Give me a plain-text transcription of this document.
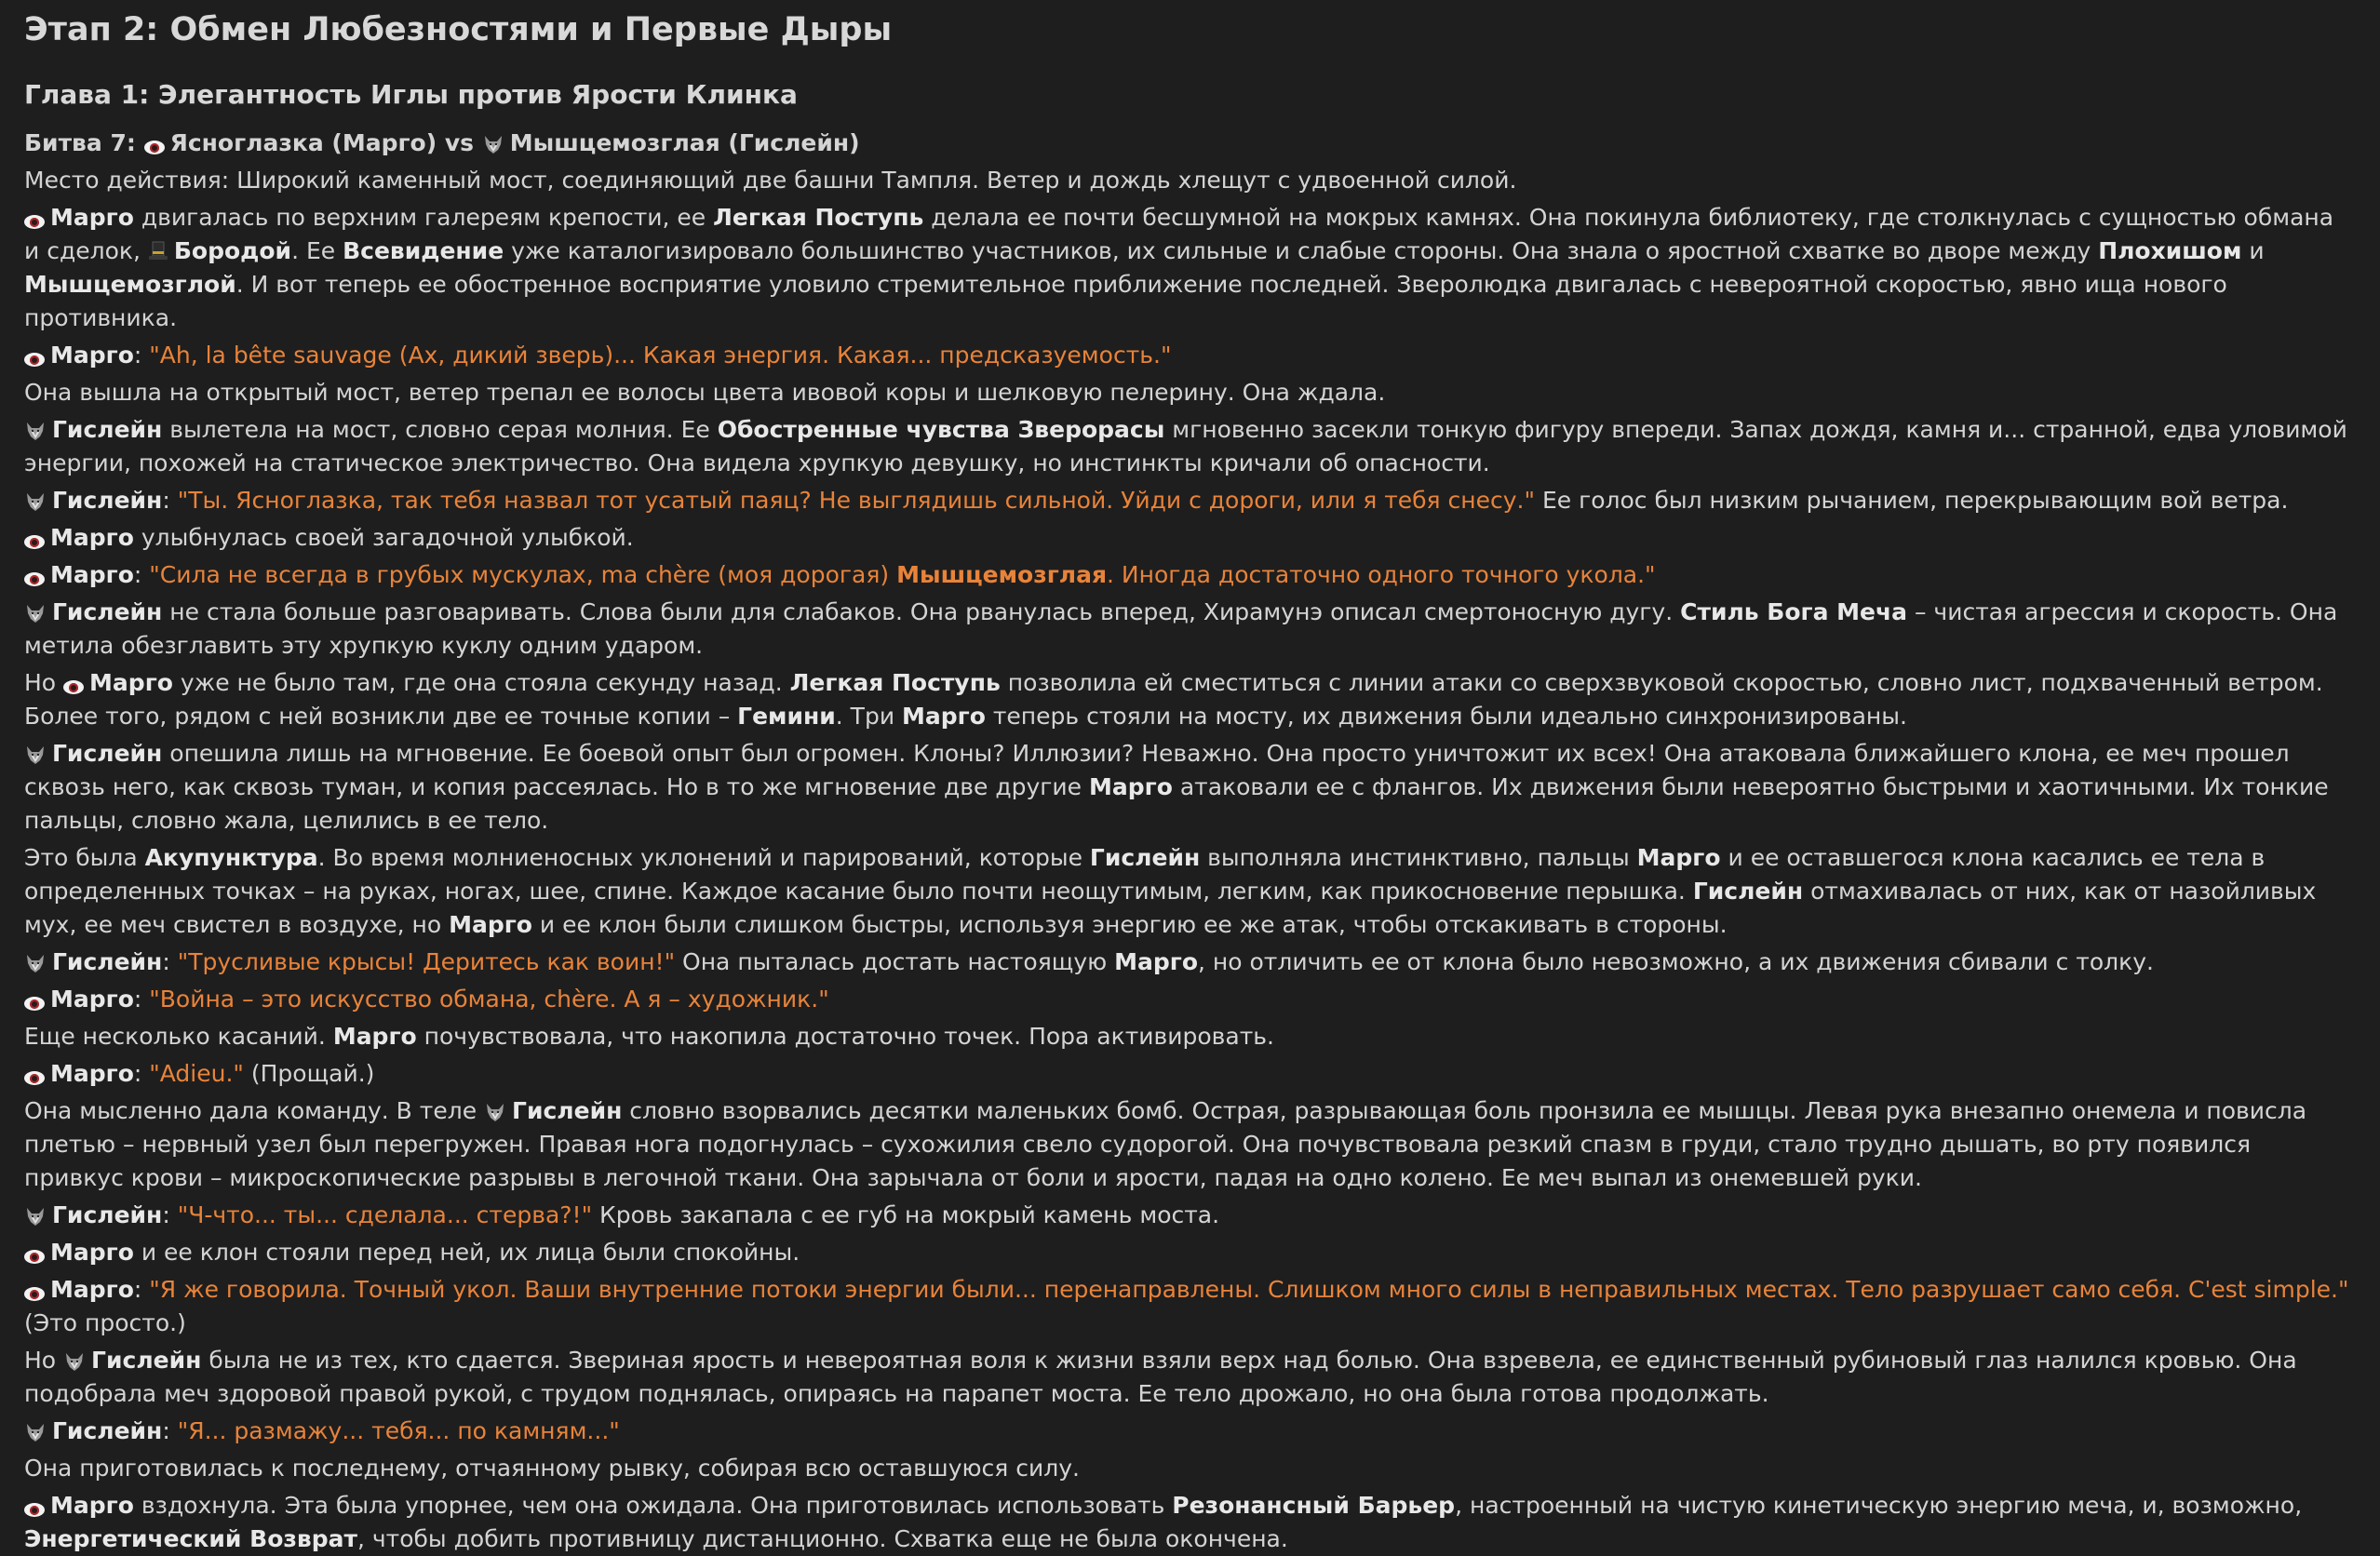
Этап 2: Обмен Любезностями и Первые Дыры
Глава 1: Элегантность Иглы против Ярости Клинка
Битва 7: Ясноглазка (Марго) vs Мышцемозглая (Гислейн)
Место действия: Широкий каменный мост, соединяющий две башни Тампля. Ветер и дождь хлещут с удвоенной силой.
Марго двигалась по верхним галереям крепости, ее Легкая Поступь делала ее почти бесшумной на мокрых камнях. Она покинула библиотеку, где столкнулась с сущностью обмана и сделок, Бородой. Ее Всевидение уже каталогизировало большинство участников, их сильные и слабые стороны. Она знала о яростной схватке во дворе между Плохишом и Мышцемозглой. И вот теперь ее обостренное восприятие уловило стремительное приближение последней. Зверолюдка двигалась с невероятной скоростью, явно ища нового противника.
Марго: "Ah, la bête sauvage (Ах, дикий зверь)... Какая энергия. Какая... предсказуемость."
Она вышла на открытый мост, ветер трепал ее волосы цвета ивовой коры и шелковую пелерину. Она ждала.
Гислейн вылетела на мост, словно серая молния. Ее Обостренные чувства Зверорасы мгновенно засекли тонкую фигуру впереди. Запах дождя, камня и... странной, едва уловимой энергии, похожей на статическое электричество. Она видела хрупкую девушку, но инстинкты кричали об опасности.
Гислейн: "Ты. Ясноглазка, так тебя назвал тот усатый паяц? Не выглядишь сильной. Уйди с дороги, или я тебя снесу." Ее голос был низким рычанием, перекрывающим вой ветра.
Марго улыбнулась своей загадочной улыбкой.
Марго: "Сила не всегда в грубых мускулах, ma chère (моя дорогая) Мышцемозглая. Иногда достаточно одного точного укола."
Гислейн не стала больше разговаривать. Слова были для слабаков. Она рванулась вперед, Хирамунэ описал смертоносную дугу. Стиль Бога Меча – чистая агрессия и скорость. Она метила обезглавить эту хрупкую куклу одним ударом.
Но Марго уже не было там, где она стояла секунду назад. Легкая Поступь позволила ей сместиться с линии атаки со сверхзвуковой скоростью, словно лист, подхваченный ветром. Более того, рядом с ней возникли две ее точные копии – Гемини. Три Марго теперь стояли на мосту, их движения были идеально синхронизированы.
Гислейн опешила лишь на мгновение. Ее боевой опыт был огромен. Клоны? Иллюзии? Неважно. Она просто уничтожит их всех! Она атаковала ближайшего клона, ее меч прошел сквозь него, как сквозь туман, и копия рассеялась. Но в то же мгновение две другие Марго атаковали ее с флангов. Их движения были невероятно быстрыми и хаотичными. Их тонкие пальцы, словно жала, целились в ее тело.
Это была Акупунктура. Во время молниеносных уклонений и парирований, которые Гислейн выполняла инстинктивно, пальцы Марго и ее оставшегося клона касались ее тела в определенных точках – на руках, ногах, шее, спине. Каждое касание было почти неощутимым, легким, как прикосновение перышка. Гислейн отмахивалась от них, как от назойливых мух, ее меч свистел в воздухе, но Марго и ее клон были слишком быстры, используя энергию ее же атак, чтобы отскакивать в стороны.
Гислейн: "Трусливые крысы! Деритесь как воин!" Она пыталась достать настоящую Марго, но отличить ее от клона было невозможно, а их движения сбивали с толку.
Марго: "Война – это искусство обмана, chère. А я – художник."
Еще несколько касаний. Марго почувствовала, что накопила достаточно точек. Пора активировать.
Марго: "Adieu." (Прощай.)
Она мысленно дала команду. В теле Гислейн словно взорвались десятки маленьких бомб. Острая, разрывающая боль пронзила ее мышцы. Левая рука внезапно онемела и повисла плетью – нервный узел был перегружен. Правая нога подогнулась – сухожилия свело судорогой. Она почувствовала резкий спазм в груди, стало трудно дышать, во рту появился привкус крови – микроскопические разрывы в легочной ткани. Она зарычала от боли и ярости, падая на одно колено. Ее меч выпал из онемевшей руки.
Гислейн: "Ч-что... ты... сделала... стерва?!" Кровь закапала с ее губ на мокрый камень моста.
Марго и ее клон стояли перед ней, их лица были спокойны.
Марго: "Я же говорила. Точный укол. Ваши внутренние потоки энергии были... перенаправлены. Слишком много силы в неправильных местах. Тело разрушает само себя. C'est simple." (Это просто.)
Но Гислейн была не из тех, кто сдается. Звериная ярость и невероятная воля к жизни взяли верх над болью. Она взревела, ее единственный рубиновый глаз налился кровью. Она подобрала меч здоровой правой рукой, с трудом поднялась, опираясь на парапет моста. Ее тело дрожало, но она была готова продолжать.
Гислейн: "Я... размажу... тебя... по камням..."
Она приготовилась к последнему, отчаянному рывку, собирая всю оставшуюся силу.
Марго вздохнула. Эта была упорнее, чем она ожидала. Она приготовилась использовать Резонансный Барьер, настроенный на чистую кинетическую энергию меча, и, возможно, Энергетический Возврат, чтобы добить противницу дистанционно. Схватка еще не была окончена.
